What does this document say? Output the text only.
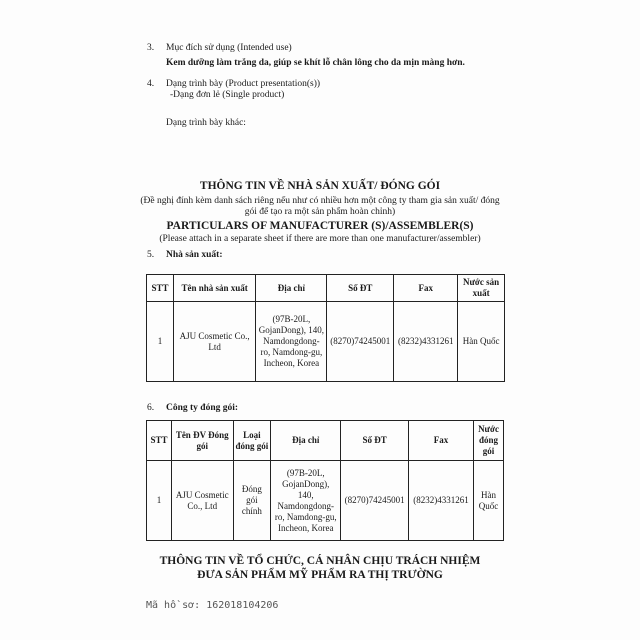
3. Mục đích sử dụng (Intended use)
Kem dưỡng làm trắng da, giúp se khít lỗ chân lông cho da mịn màng hơn.
4. Dạng trình bày (Product presentation(s))
-Dạng đơn lẻ (Single product)
Dạng trình bày khác:
THÔNG TIN VỀ NHÀ SẢN XUẤT/ ĐÓNG GÓI
(Đề nghị đính kèm danh sách riêng nếu như có nhiều hơn một công ty tham gia sản xuất/ đóng
gói để tạo ra một sản phẩm hoàn chỉnh)
PARTICULARS OF MANUFACTURER (S)/ASSEMBLER(S)
(Please attach in a separate sheet if there are more than one manufacturer/assembler)
5. Nhà sản xuất:
STT	Tên nhà sản xuất	Địa chỉ	Số ĐT	Fax	Nước sản xuất
1	AJU Cosmetic Co., Ltd	(97B-20L, GojanDong), 140, Namdongdong-ro, Namdong-gu, Incheon, Korea	(8270)74245001	(8232)4331261	Hàn Quốc
6. Công ty đóng gói:
STT	Tên ĐV Đóng gói	Loại đóng gói	Địa chỉ	Số ĐT	Fax	Nước đóng gói
1	AJU Cosmetic Co., Ltd	Đóng gói chính	(97B-20L, GojanDong), 140, Namdongdong-ro, Namdong-gu, Incheon, Korea	(8270)74245001	(8232)4331261	Hàn Quốc
THÔNG TIN VỀ TỔ CHỨC, CÁ NHÂN CHỊU TRÁCH NHIỆM
ĐƯA SẢN PHẨM MỸ PHẨM RA THỊ TRƯỜNG
Mã hồ sơ: 162018104206
